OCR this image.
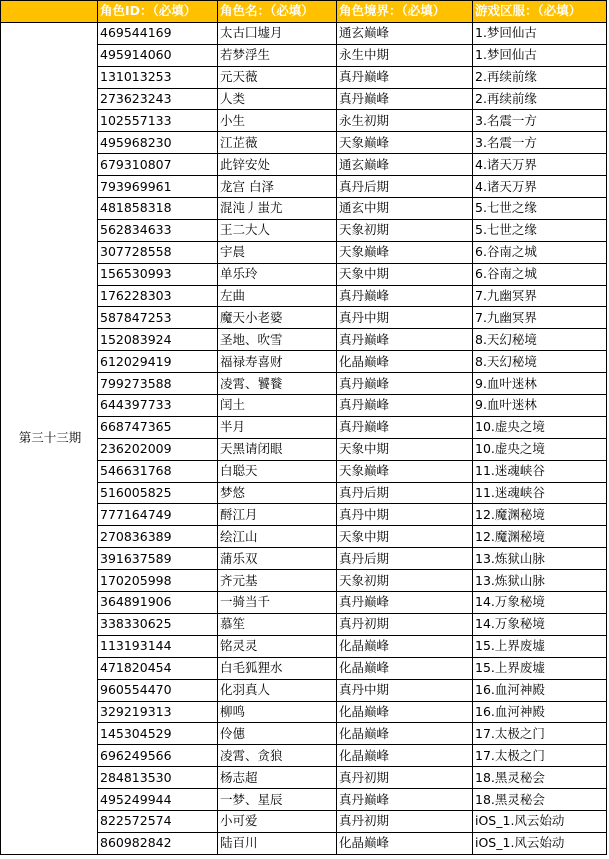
	角色ID：（必填）	角色名：（必填）	角色境界：（必填）	游戏区服：（必填）
第三十三期	469544169	太古囗墟月	通玄巅峰	1.梦回仙古
	495914060	若梦浮生	永生中期	1.梦回仙古
	131013253	元天薇	真丹巅峰	2.再续前缘
	273623243	人类	真丹巅峰	2.再续前缘
	102557133	小生	永生初期	3.名震一方
	495968230	江芷薇	天象巅峰	3.名震一方
	679310807	此锌安处	通玄巅峰	4.诸天万界
	793969961	龙宫 白泽	真丹后期	4.诸天万界
	481858318	混沌丿蚩尤	通玄中期	5.七世之缘
	562834633	王二大人	天象初期	5.七世之缘
	307728558	宇晨	天象巅峰	6.谷南之城
	156530993	单乐玲	天象中期	6.谷南之城
	176228303	左曲	真丹巅峰	7.九幽冥界
	587847253	魔天小老婆	真丹中期	7.九幽冥界
	152083924	圣地、吹雪	真丹巅峰	8.天幻秘境
	612029419	福禄寿喜财	化晶巅峰	8.天幻秘境
	799273588	凌霄、饕餮	真丹巅峰	9.血叶迷林
	644397733	闰土	真丹巅峰	9.血叶迷林
	668747365	半月	真丹巅峰	10.虚央之境
	236202009	天黑请闭眼	天象中期	10.虚央之境
	546631768	白聪天	天象巅峰	11.迷魂峡谷
	516005825	梦悠	真丹后期	11.迷魂峡谷
	777164749	酹江月	真丹中期	12.魔渊秘境
	270836389	绘江山	天象中期	12.魔渊秘境
	391637589	蒲乐双	真丹后期	13.炼狱山脉
	170205998	齐元基	天象初期	13.炼狱山脉
	364891906	一骑当千	真丹巅峰	14.万象秘境
	338330625	慕笙	真丹初期	14.万象秘境
	113193144	铭灵灵	化晶巅峰	15.上界废墟
	471820454	白毛狐狸水	化晶巅峰	15.上界废墟
	960554470	化羽真人	真丹中期	16.血河神殿
	329219313	柳鸣	化晶巅峰	16.血河神殿
	145304529	伶僡	化晶巅峰	17.太极之门
	696249566	凌霄、贪狼	化晶巅峰	17.太极之门
	284813530	杨志超	真丹初期	18.黑灵秘会
	495249944	一梦、星辰	真丹巅峰	18.黑灵秘会
	822572574	小可爱	真丹初期	iOS_1.风云始动
	860982842	陆百川	化晶巅峰	iOS_1.风云始动
